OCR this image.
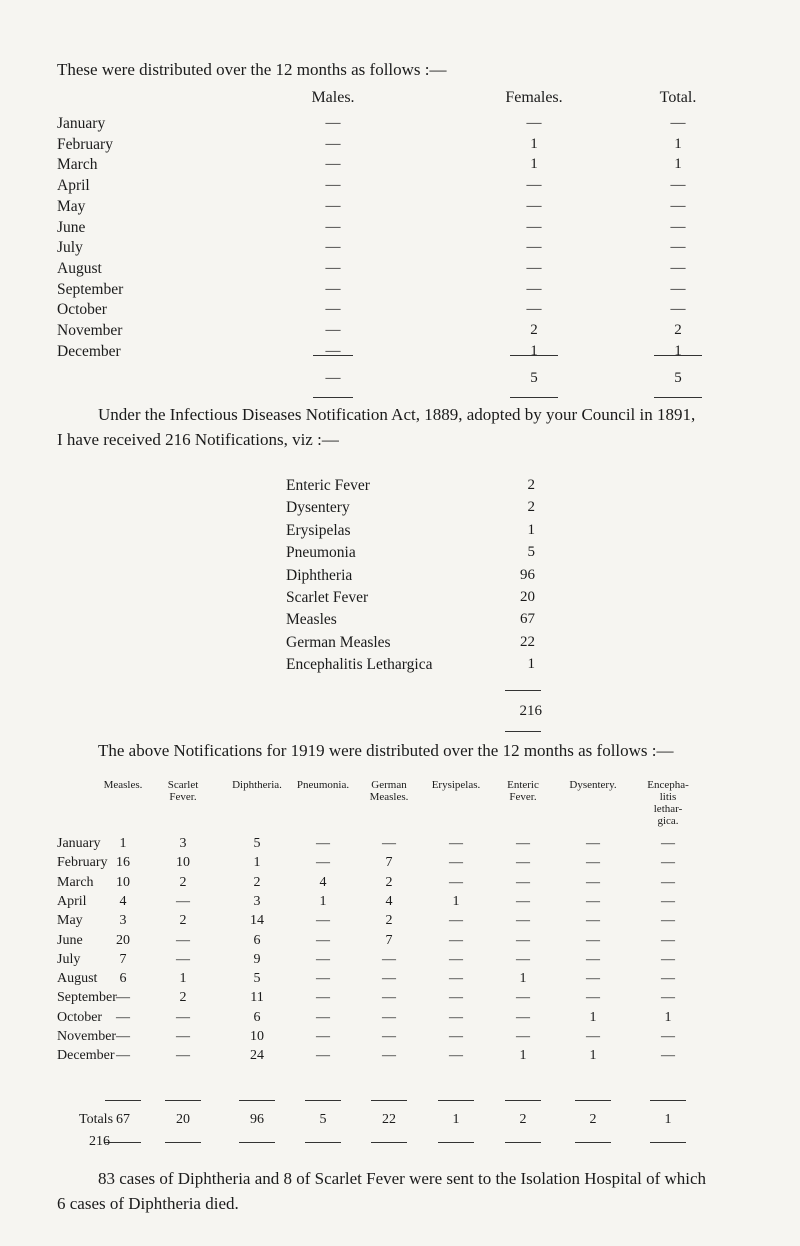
These were distributed over the 12 months as follows :—
Males.	Females.	Total.
January	—	—	—
February	—	1	1
March	—	1	1
April	—	—	—
May	—	—	—
June	—	—	—
July	—	—	—
August	—	—	—
September	—	—	—
October	—	—	—
November	—	2	2
December	—	1	1
—	5	5
Under the Infectious Diseases Notification Act, 1889, adopted by your Council in 1891,
I have received 216 Notifications, viz :—
Enteric Fever	2
Dysentery	2
Erysipelas	1
Pneumonia	5
Diphtheria	96
Scarlet Fever	20
Measles	67
German Measles	22
Encephalitis Lethargica	1
216
The above Notifications for 1919 were distributed over the 12 months as follows :—
Measles.	Scarlet
Fever.
Diphtheria.	Pneumonia.	German
Measles.
Erysipelas.	Enteric
Fever.
Dysentery.	Encepha-
litis
lethar-
gica.
January	1	3	5	—	—	—	—	—	—
February 16	10	1	—	7	—	—	—	—
March	10	2	2	4	2	—	—	—	—
April	4	—	3	1	4	1	—	—	—
May	3	2	14	—	2	—	—	—	—
June	20	—	6	—	7	—	—	—	—
July	7	—	9	—	—	—	—	—	—
August	6	1	5	—	—	—	1	—	—
September —	2	11	—	—	—	—	—	—
October —	—	6	—	—	—	—	1	1
November —	—	10	—	—	—	—	—	—
December —	—	24	—	—	—	1	1	—
Totals 67	20	96	5	22	1	2	2	1
216
83 cases of Diphtheria and 8 of Scarlet Fever were sent to the Isolation Hospital of which
6 cases of Diphtheria died.
